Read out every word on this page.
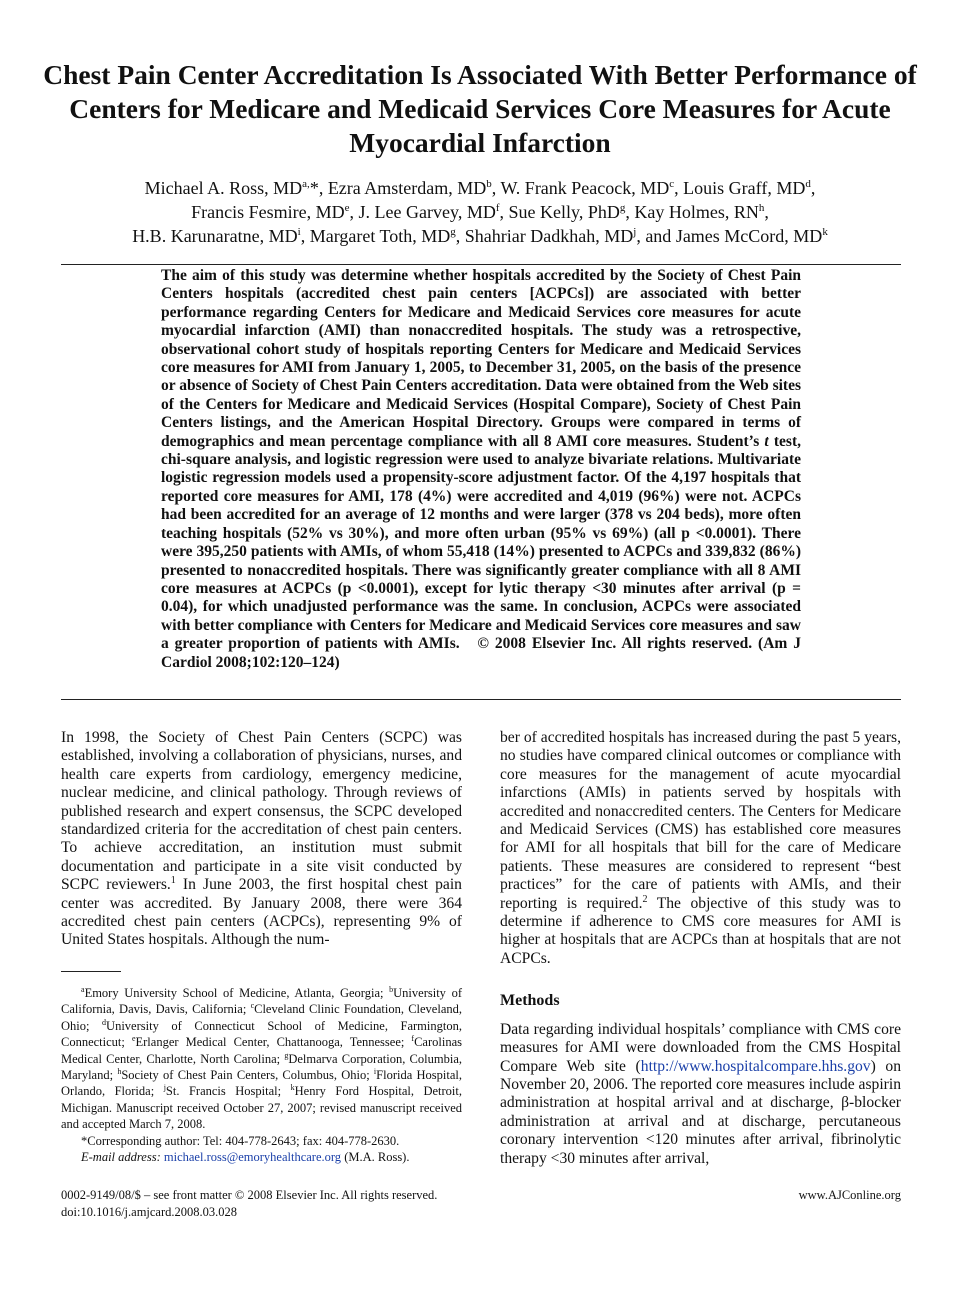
Chest Pain Center Accreditation Is Associated With Better Performance of Centers for Medicare and Medicaid Services Core Measures for Acute Myocardial Infarction

Michael A. Ross, $MD^{a,}*$, Ezra Amsterdam, $MD^b$, W. Frank Peacock, $MD^c$, Louis Graff, $MD^d$,
Francis Fesmire, MDe, J. Lee Garvey, $MD^f$, Sue Kelly, PhD$^g$, Kay Holmes, $RN^h$,
H.B. Karunaratne, $MD^i$, Margaret Toth, $MD^g$, Shahriar Dadkhah, $MD^j$, and James McCord, $MD^k$

The aim of this study was determine whether hospitals accredited by the Society of Chest Pain Centers hospitals (accredited chest pain centers [ACPCs]) are associated with better performance regarding Centers for Medicare and Medicaid Services core measures for acute myocardial infarction (AMI) than nonaccredited hospitals. The study was a retrospective, observational cohort study of hospitals reporting Centers for Medicare and Medicaid Services core measures for AMI from January 1, 2005, to December 31, 2005, on the basis of the presence or absence of Society of Chest Pain Centers accreditation. Data were obtained from the Web sites of the Centers for Medicare and Medicaid Services (Hospital Compare), Society of Chest Pain Centers listings, and the American Hospital Directory. Groups were compared in terms of demographics and mean percentage compliance with all 8 AMI core measures. Student’s t test, chi-square analysis, and logistic regression were used to analyze bivariate relations. Multivariate logistic regression models used a propensity-score adjustment factor. Of the 4,197 hospitals that reported core measures for AMI, 178 (4%) were accredited and 4,019 (96%) were not. ACPCs had been accredited for an average of 12 months and were larger (378 vs 204 beds), more often teaching hospitals (52% vs 30%), and more often urban (95% vs 69%) (all p <0.0001). There were 395,250 patients with AMIs, of whom 55,418 (14%) presented to ACPCs and 339,832 (86%) presented to nonaccredited hospitals. There was significantly greater compliance with all 8 AMI core measures at ACPCs (p <0.0001), except for lytic therapy <30 minutes after arrival (p = 0.04), for which unadjusted performance was the same. In conclusion, ACPCs were associated with better compliance with Centers for Medicare and Medicaid Services core measures and saw a greater proportion of patients with AMIs. © 2008 Elsevier Inc. All rights reserved. (Am J Cardiol 2008;102:120–124)

In 1998, the Society of Chest Pain Centers (SCPC) was established, involving a collaboration of physicians, nurses, and health care experts from cardiology, emergency medicine, nuclear medicine, and clinical pathology. Through reviews of published research and expert consensus, the SCPC developed standardized criteria for the accreditation of chest pain centers. To achieve accreditation, an institution must submit documentation and participate in a site visit conducted by SCPC reviewers.$^1$ In June 2003, the first hospital chest pain center was accredited. By January 2008, there were 364 accredited chest pain centers (ACPCs), representing 9% of United States hospitals. Although the num-

$^a$Emory University School of Medicine, Atlanta, Georgia; $^b$University of California, Davis, Davis, California; $^c$Cleveland Clinic Foundation, Cleveland, Ohio; $^d$University of Connecticut School of Medicine, Farmington, Connecticut; $^e$Erlanger Medical Center, Chattanooga, Tennessee; $^f$Carolinas Medical Center, Charlotte, North Carolina; $^g$Delmarva Corporation, Columbia, Maryland; $^h$Society of Chest Pain Centers, Columbus, Ohio; $^i$Florida Hospital, Orlando, Florida; $^j$St. Francis Hospital; $^k$Henry Ford Hospital, Detroit, Michigan. Manuscript received October 27, 2007; revised manuscript received and accepted March 7, 2008.

*Corresponding author: Tel: 404-778-2643; fax: 404-778-2630.

E-mail address: michael.ross@emoryhealthcare.org (M.A. Ross).

ber of accredited hospitals has increased during the past 5 years, no studies have compared clinical outcomes or compliance with core measures for the management of acute myocardial infarctions (AMIs) in patients served by hospitals with accredited and nonaccredited centers. The Centers for Medicare and Medicaid Services (CMS) has established core measures for AMI for all hospitals that bill for the care of Medicare patients. These measures are considered to represent “best practices” for the care of patients with AMIs, and their reporting is required.$^2$ The objective of this study was to determine if adherence to CMS core measures for AMI is higher at hospitals that are ACPCs than at hospitals that are not ACPCs.

Methods

Data regarding individual hospitals’ compliance with CMS core measures for AMI were downloaded from the CMS Hospital Compare Web site (http://www.hospitalcompare.hhs.gov) on November 20, 2006. The reported core measures include aspirin administration at hospital arrival and at discharge, β-blocker administration at arrival and at discharge, percutaneous coronary intervention <120 minutes after arrival, fibrinolytic therapy <30 minutes after arrival,

0002-9149/08/$ – see front matter © 2008 Elsevier Inc. All rights reserved.
doi:10.1016/j.amjcard.2008.03.028
www.AJConline.org
